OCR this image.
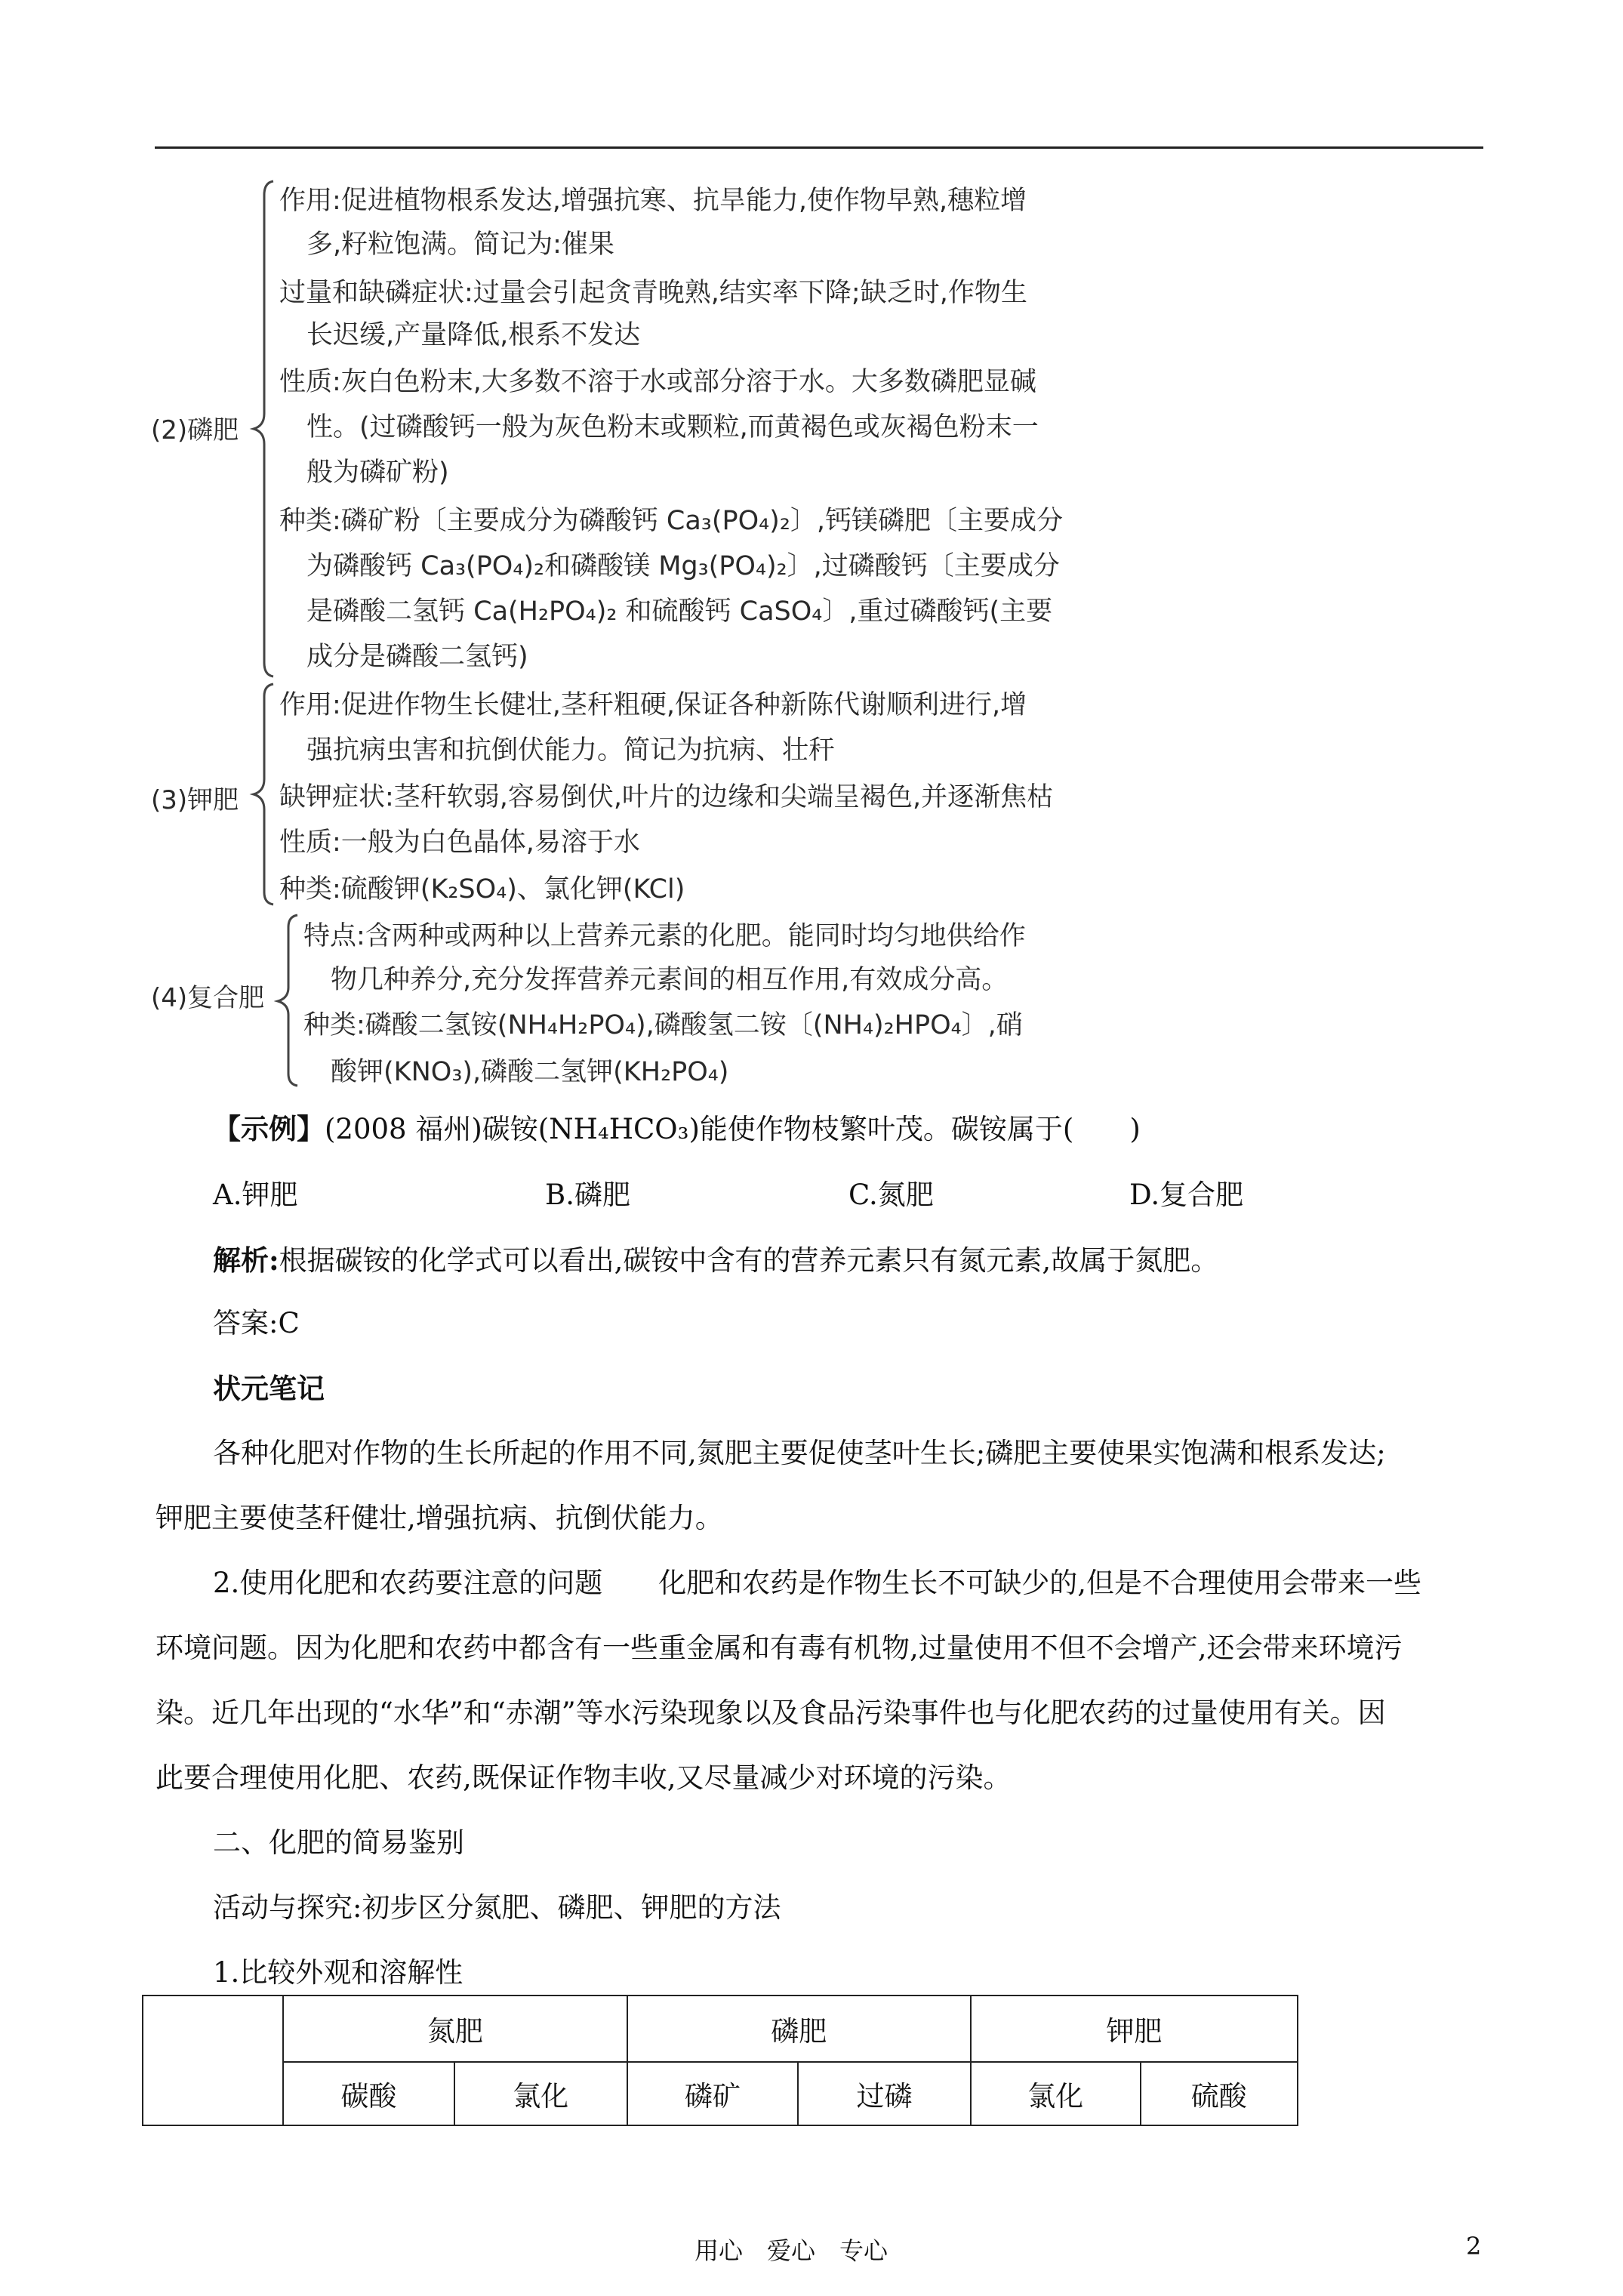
(2)磷肥
作用:促进植物根系发达,增强抗寒、抗旱能力,使作物早熟,穗粒增
多,籽粒饱满。简记为:催果
过量和缺磷症状:过量会引起贪青晚熟,结实率下降;缺乏时,作物生
长迟缓,产量降低,根系不发达
性质:灰白色粉末,大多数不溶于水或部分溶于水。大多数磷肥显碱
性。(过磷酸钙一般为灰色粉末或颗粒,而黄褐色或灰褐色粉末一
般为磷矿粉)
种类:磷矿粉〔主要成分为磷酸钙 Ca₃(PO₄)₂〕,钙镁磷肥〔主要成分
为磷酸钙 Ca₃(PO₄)₂和磷酸镁 Mg₃(PO₄)₂〕,过磷酸钙〔主要成分
是磷酸二氢钙 Ca(H₂PO₄)₂ 和硫酸钙 CaSO₄〕,重过磷酸钙(主要
成分是磷酸二氢钙)
(3)钾肥
作用:促进作物生长健壮,茎秆粗硬,保证各种新陈代谢顺利进行,增
强抗病虫害和抗倒伏能力。简记为抗病、壮秆
缺钾症状:茎秆软弱,容易倒伏,叶片的边缘和尖端呈褐色,并逐渐焦枯
性质:一般为白色晶体,易溶于水
种类:硫酸钾(K₂SO₄)、氯化钾(KCl)
(4)复合肥
特点:含两种或两种以上营养元素的化肥。能同时均匀地供给作
物几种养分,充分发挥营养元素间的相互作用,有效成分高。
种类:磷酸二氢铵(NH₄H₂PO₄),磷酸氢二铵〔(NH₄)₂HPO₄〕,硝
酸钾(KNO₃),磷酸二氢钾(KH₂PO₄)
【示例】(2008 福州)碳铵(NH₄HCO₃)能使作物枝繁叶茂。碳铵属于(　　)
A.钾肥	B.磷肥	C.氮肥	D.复合肥
解析:根据碳铵的化学式可以看出,碳铵中含有的营养元素只有氮元素,故属于氮肥。
答案:C
状元笔记
各种化肥对作物的生长所起的作用不同,氮肥主要促使茎叶生长;磷肥主要使果实饱满和根系发达;
钾肥主要使茎秆健壮,增强抗病、抗倒伏能力。
2.使用化肥和农药要注意的问题　　化肥和农药是作物生长不可缺少的,但是不合理使用会带来一些
环境问题。因为化肥和农药中都含有一些重金属和有毒有机物,过量使用不但不会增产,还会带来环境污
染。近几年出现的“水华”和“赤潮”等水污染现象以及食品污染事件也与化肥农药的过量使用有关。因
此要合理使用化肥、农药,既保证作物丰收,又尽量减少对环境的污染。
二、化肥的简易鉴别
活动与探究:初步区分氮肥、磷肥、钾肥的方法
1.比较外观和溶解性
	氮肥		磷肥		钾肥	
	碳酸	氯化	磷矿	过磷	氯化	硫酸
用心　爱心　专心	2
